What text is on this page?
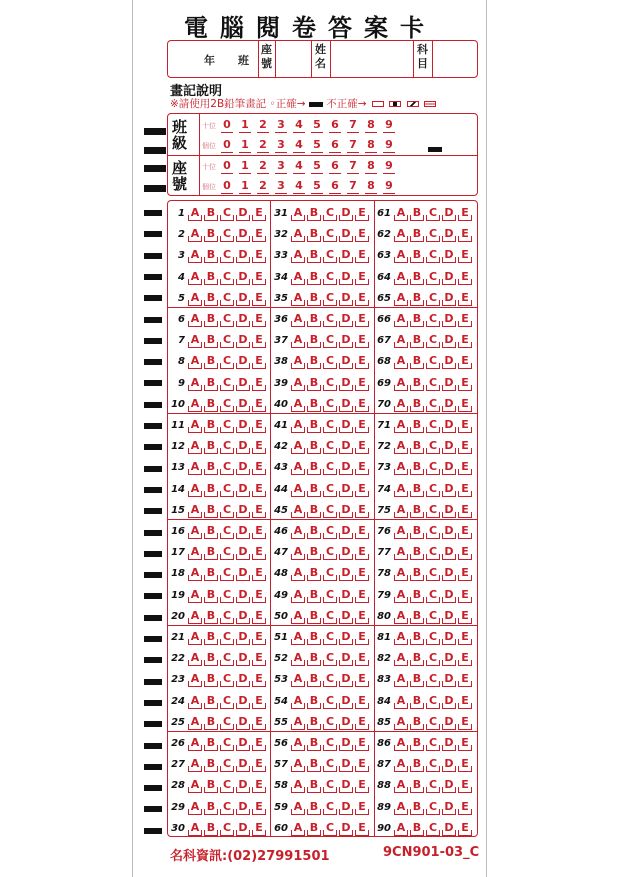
電腦閱卷答案卡
年 班
座號
姓名
科目
畫記說明
※請使用2B鉛筆畫記 ◦正確→ 不正確→
班級
座號
十位
個位
十位
個位
0 1 2 3 4 5 6 7 8 9
0 1 2 3 4 5 6 7 8 9
0 1 2 3 4 5 6 7 8 9
0 1 2 3 4 5 6 7 8 9
1 A B C D E
2 A B C D E
3 A B C D E
4 A B C D E
5 A B C D E
6 A B C D E
7 A B C D E
8 A B C D E
9 A B C D E
10 A B C D E
11 A B C D E
12 A B C D E
13 A B C D E
14 A B C D E
15 A B C D E
16 A B C D E
17 A B C D E
18 A B C D E
19 A B C D E
20 A B C D E
21 A B C D E
22 A B C D E
23 A B C D E
24 A B C D E
25 A B C D E
26 A B C D E
27 A B C D E
28 A B C D E
29 A B C D E
30 A B C D E
31 A B C D E
32 A B C D E
33 A B C D E
34 A B C D E
35 A B C D E
36 A B C D E
37 A B C D E
38 A B C D E
39 A B C D E
40 A B C D E
41 A B C D E
42 A B C D E
43 A B C D E
44 A B C D E
45 A B C D E
46 A B C D E
47 A B C D E
48 A B C D E
49 A B C D E
50 A B C D E
51 A B C D E
52 A B C D E
53 A B C D E
54 A B C D E
55 A B C D E
56 A B C D E
57 A B C D E
58 A B C D E
59 A B C D E
60 A B C D E
61 A B C D E
62 A B C D E
63 A B C D E
64 A B C D E
65 A B C D E
66 A B C D E
67 A B C D E
68 A B C D E
69 A B C D E
70 A B C D E
71 A B C D E
72 A B C D E
73 A B C D E
74 A B C D E
75 A B C D E
76 A B C D E
77 A B C D E
78 A B C D E
79 A B C D E
80 A B C D E
81 A B C D E
82 A B C D E
83 A B C D E
84 A B C D E
85 A B C D E
86 A B C D E
87 A B C D E
88 A B C D E
89 A B C D E
90 A B C D E
名科資訊:(02)27991501	9CN901-03_C
